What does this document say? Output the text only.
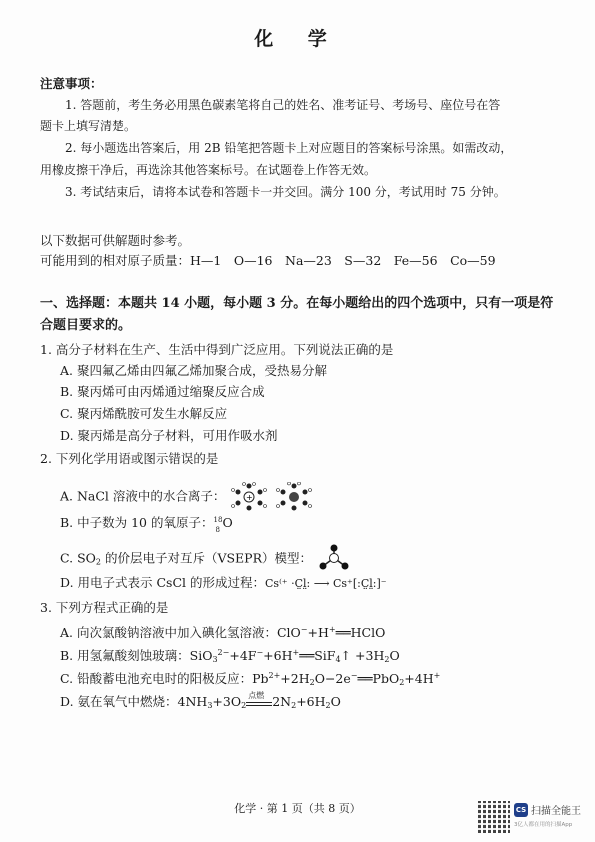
化 学
注意事项：
1. 答题前，考生务必用黑色碳素笔将自己的姓名、准考证号、考场号、座位号在答
题卡上填写清楚。
2. 每小题选出答案后，用 2B 铅笔把答题卡上对应题目的答案标号涂黑。如需改动，
用橡皮擦干净后，再选涂其他答案标号。在试题卷上作答无效。
3. 考试结束后，请将本试卷和答题卡一并交回。满分 100 分，考试用时 75 分钟。
以下数据可供解题时参考。
可能用到的相对原子质量：H—1　O—16　Na—23　S—32　Fe—56　Co—59
一、选择题：本题共 14 小题，每小题 3 分。在每小题给出的四个选项中，只有一项是符
合题目要求的。
1. 高分子材料在生产、生活中得到广泛应用。下列说法正确的是
A. 聚四氟乙烯由四氟乙烯加聚合成，受热易分解
B. 聚丙烯可由丙烯通过缩聚反应合成
C. 聚丙烯酰胺可发生水解反应
D. 聚丙烯是高分子材料，可用作吸水剂
2. 下列化学用语或图示错误的是
A. NaCl 溶液中的水合离子：	+
B. 中子数为 10 的氧原子： 18
8 O
C. $SO_2$ 的价层电子对互斥（VSEPR）模型：
D. 用电子式表示 CsCl 的形成过程：Cs⁽⁺ ·C̤l̤: ⟶ Cs⁺[:C̤l̤:]⁻
3. 下列方程式正确的是
A. 向次氯酸钠溶液中加入碘化氢溶液：ClO−+H+══HClO
B. 用氢氟酸刻蚀玻璃：SiO$_3^{2-}$+4F−+6H+══SiF$_4$↑ $+3H_2O$
C. 铅酸蓄电池充电时的阳极反应：$Pb^{2+}+2H_2O-2e^-══PbO_2+4H^+$
D. 氨在氧气中燃烧：$4NH_3+3O_2$
点燃 $2N_2+6H_2O$
化学 · 第 1 页（共 8 页）	CS 扫描全能王
3亿人都在用的扫描App
